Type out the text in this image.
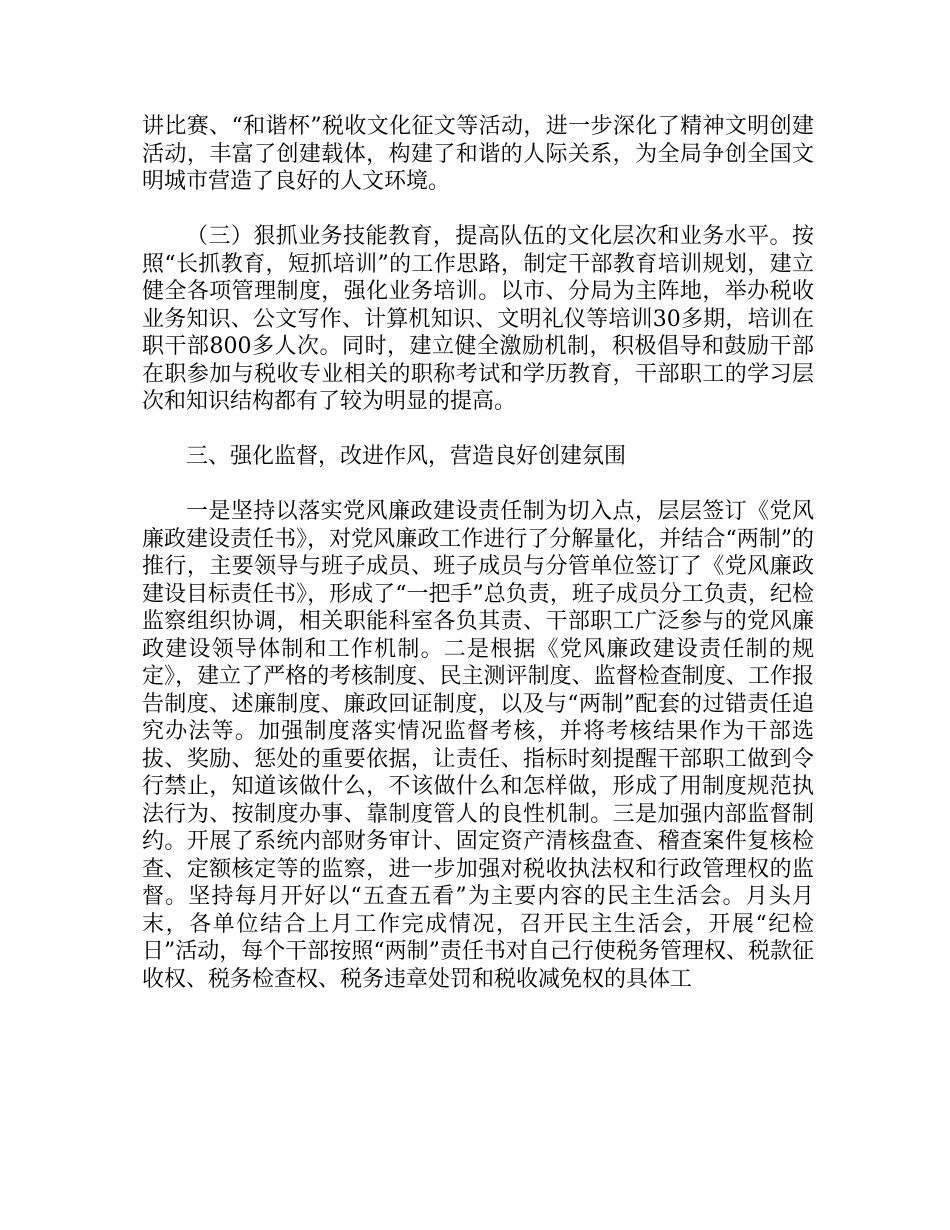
讲比赛、“和谐杯”税收文化征文等活动，进一步深化了精神文明创建活动，丰富了创建载体，构建了和谐的人际关系，为全局争创全国文明城市营造了良好的人文环境。

（三）狠抓业务技能教育，提高队伍的文化层次和业务水平。按照“长抓教育，短抓培训”的工作思路，制定干部教育培训规划，建立健全各项管理制度，强化业务培训。以市、分局为主阵地，举办税收业务知识、公文写作、计算机知识、文明礼仪等培训30多期，培训在职干部800多人次。同时，建立健全激励机制，积极倡导和鼓励干部在职参加与税收专业相关的职称考试和学历教育，干部职工的学习层次和知识结构都有了较为明显的提高。

三、强化监督，改进作风，营造良好创建氛围

一是坚持以落实党风廉政建设责任制为切入点，层层签订《党风廉政建设责任书》，对党风廉政工作进行了分解量化，并结合“两制”的推行，主要领导与班子成员、班子成员与分管单位签订了《党风廉政建设目标责任书》，形成了“一把手”总负责，班子成员分工负责，纪检监察组织协调，相关职能科室各负其责、干部职工广泛参与的党风廉政建设领导体制和工作机制。二是根据《党风廉政建设责任制的规定》，建立了严格的考核制度、民主测评制度、监督检查制度、工作报告制度、述廉制度、廉政回证制度，以及与“两制”配套的过错责任追究办法等。加强制度落实情况监督考核，并将考核结果作为干部选拔、奖励、惩处的重要依据，让责任、指标时刻提醒干部职工做到令行禁止，知道该做什么，不该做什么和怎样做，形成了用制度规范执法行为、按制度办事、靠制度管人的良性机制。三是加强内部监督制约。开展了系统内部财务审计、固定资产清核盘查、稽查案件复核检查、定额核定等的监察，进一步加强对税收执法权和行政管理权的监督。坚持每月开好以“五查五看”为主要内容的民主生活会。月头月末，各单位结合上月工作完成情况，召开民主生活会，开展“纪检日”活动，每个干部按照“两制”责任书对自己行使税务管理权、税款征收权、税务检查权、税务违章处罚和税收减免权的具体工
